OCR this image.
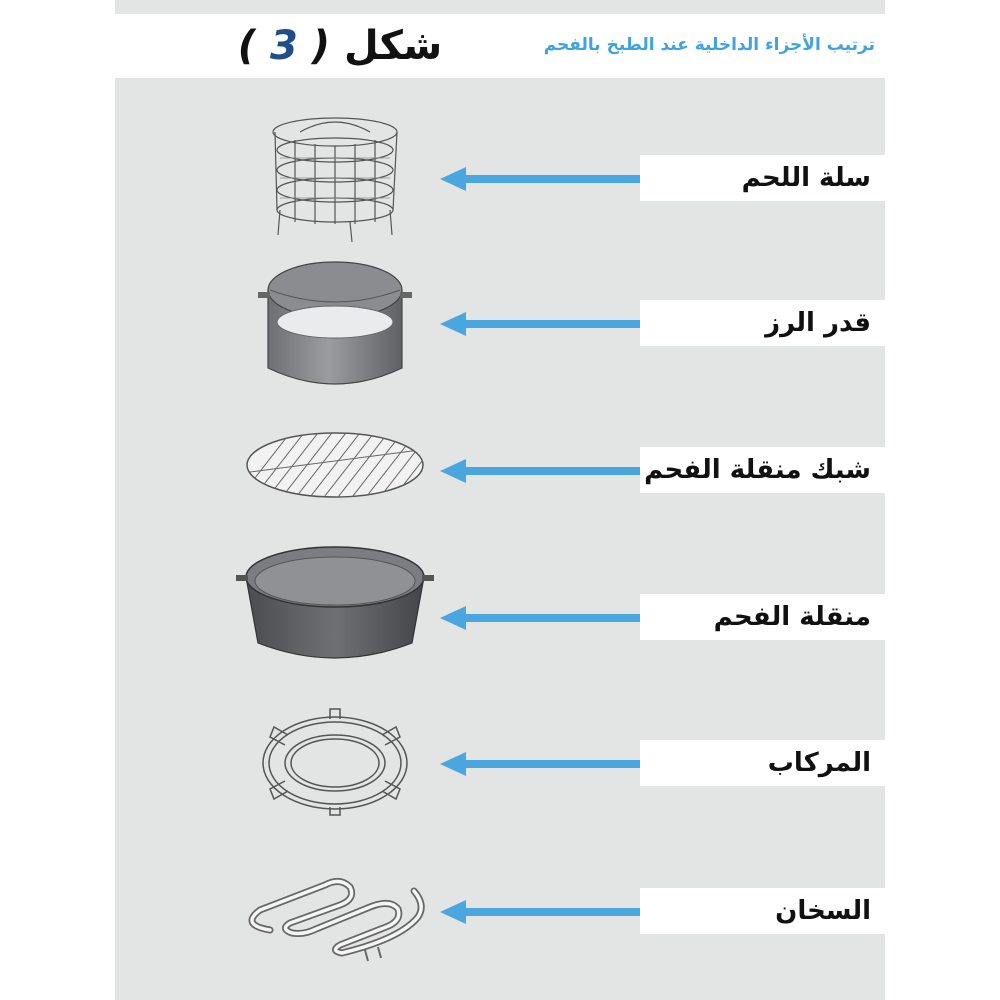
شكل ( 3 )	ترتيب الأجزاء الداخلية عند الطبخ بالفحم
سلة اللحم
قدر الرز
شبك منقلة الفحم
منقلة الفحم
المركاب
السخان
